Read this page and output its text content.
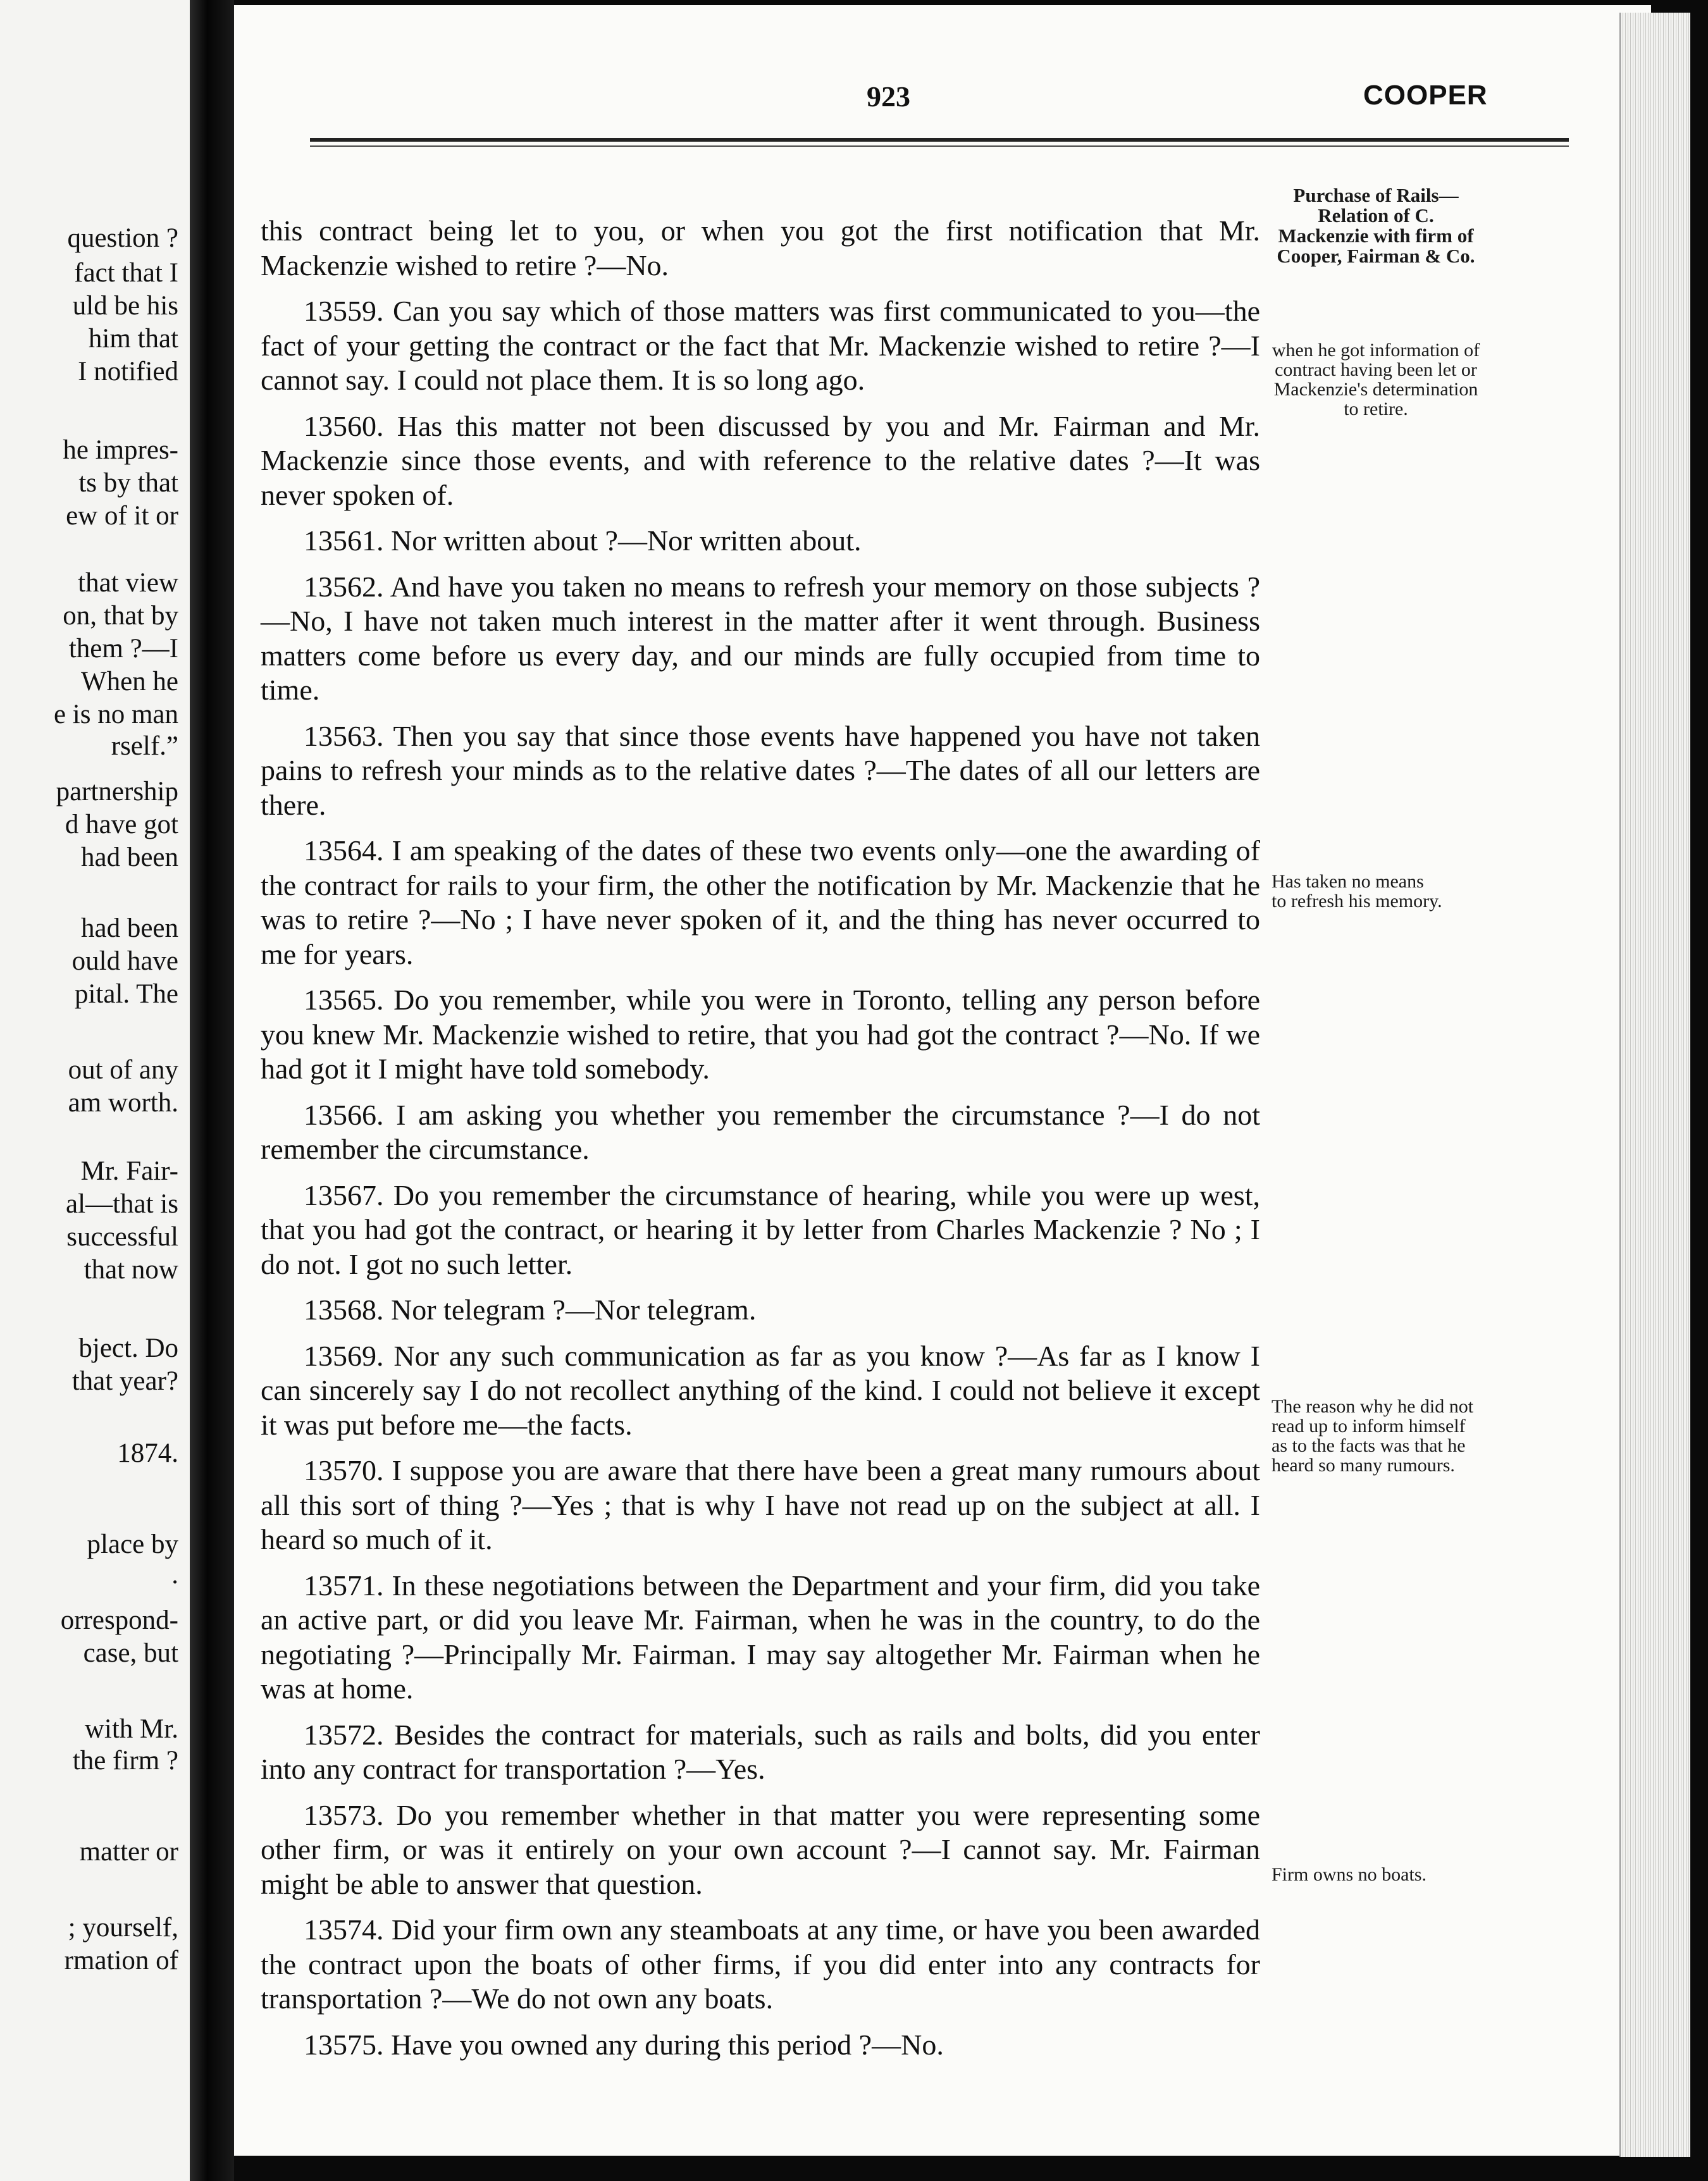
question ?
fact that I
uld be his
him that
I notified
he impres-
ts by that
ew of it or
that view
on, that by
them ?—I
When he
e is no man
rself.”
partnership
d have got
had been
had been
ould have
pital. The
out of any
am worth.
Mr. Fair-
al—that is
successful
that now
bject. Do
that year?
1874.
place by
.
orrespond-
case, but
with Mr.
the firm ?
matter or
; yourself,
rmation of
923	COOPER
Purchase of Rails— Relation of C. Mackenzie with firm of Cooper, Fairman & Co.
when he got information of contract having been let or Mackenzie's determination to retire.
Has taken no means to refresh his memory.
The reason why he did not read up to inform himself as to the facts was that he heard so many rumours.
Firm owns no boats.

this contract being let to you, or when you got the first notification that Mr. Mackenzie wished to retire ?—No.

13559. Can you say which of those matters was first communicated to you—the fact of your getting the contract or the fact that Mr. Mackenzie wished to retire ?—I cannot say. I could not place them. It is so long ago.

13560. Has this matter not been discussed by you and Mr. Fairman and Mr. Mackenzie since those events, and with reference to the relative dates ?—It was never spoken of.

13561. Nor written about ?—Nor written about.

13562. And have you taken no means to refresh your memory on those subjects ?—No, I have not taken much interest in the matter after it went through. Business matters come before us every day, and our minds are fully occupied from time to time.

13563. Then you say that since those events have happened you have not taken pains to refresh your minds as to the relative dates ?—The dates of all our letters are there.

13564. I am speaking of the dates of these two events only—one the awarding of the contract for rails to your firm, the other the notification by Mr. Mackenzie that he was to retire ?—No ; I have never spoken of it, and the thing has never occurred to me for years.

13565. Do you remember, while you were in Toronto, telling any person before you knew Mr. Mackenzie wished to retire, that you had got the contract ?—No. If we had got it I might have told somebody.

13566. I am asking you whether you remember the circumstance ?—I do not remember the circumstance.

13567. Do you remember the circumstance of hearing, while you were up west, that you had got the contract, or hearing it by letter from Charles Mackenzie ? No ; I do not. I got no such letter.

13568. Nor telegram ?—Nor telegram.

13569. Nor any such communication as far as you know ?—As far as I know I can sincerely say I do not recollect anything of the kind. I could not believe it except it was put before me—the facts.

13570. I suppose you are aware that there have been a great many rumours about all this sort of thing ?—Yes ; that is why I have not read up on the subject at all. I heard so much of it.

13571. In these negotiations between the Department and your firm, did you take an active part, or did you leave Mr. Fairman, when he was in the country, to do the negotiating ?—Principally Mr. Fairman. I may say altogether Mr. Fairman when he was at home.

13572. Besides the contract for materials, such as rails and bolts, did you enter into any contract for transportation ?—Yes.

13573. Do you remember whether in that matter you were representing some other firm, or was it entirely on your own account ?—I cannot say. Mr. Fairman might be able to answer that question.

13574. Did your firm own any steamboats at any time, or have you been awarded the contract upon the boats of other firms, if you did enter into any contracts for transportation ?—We do not own any boats.

13575. Have you owned any during this period ?—No.
